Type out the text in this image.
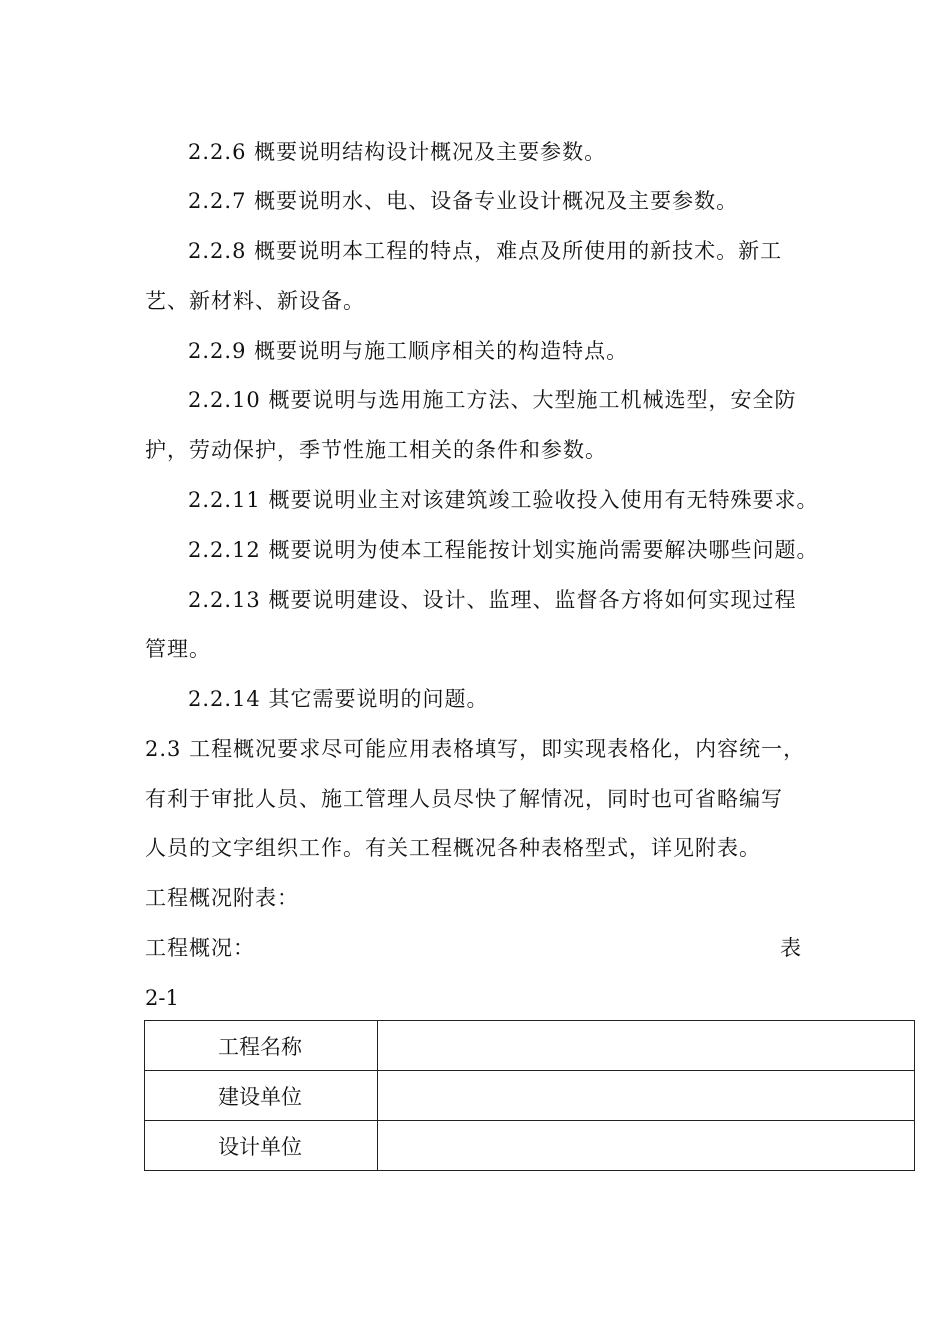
2.2.6 概要说明结构设计概况及主要参数。
2.2.7 概要说明水、电、设备专业设计概况及主要参数。
2.2.8 概要说明本工程的特点，难点及所使用的新技术。新工
艺、新材料、新设备。
2.2.9 概要说明与施工顺序相关的构造特点。
2.2.10 概要说明与选用施工方法、大型施工机械选型，安全防
护，劳动保护，季节性施工相关的条件和参数。
2.2.11 概要说明业主对该建筑竣工验收投入使用有无特殊要求。
2.2.12 概要说明为使本工程能按计划实施尚需要解决哪些问题。
2.2.13 概要说明建设、设计、监理、监督各方将如何实现过程
管理。
2.2.14 其它需要说明的问题。
2.3 工程概况要求尽可能应用表格填写，即实现表格化，内容统一，
有利于审批人员、施工管理人员尽快了解情况，同时也可省略编写
人员的文字组织工作。有关工程概况各种表格型式，详见附表。
工程概况附表：
工程概况：	表
2-1
工程名称	
建设单位	
设计单位	
